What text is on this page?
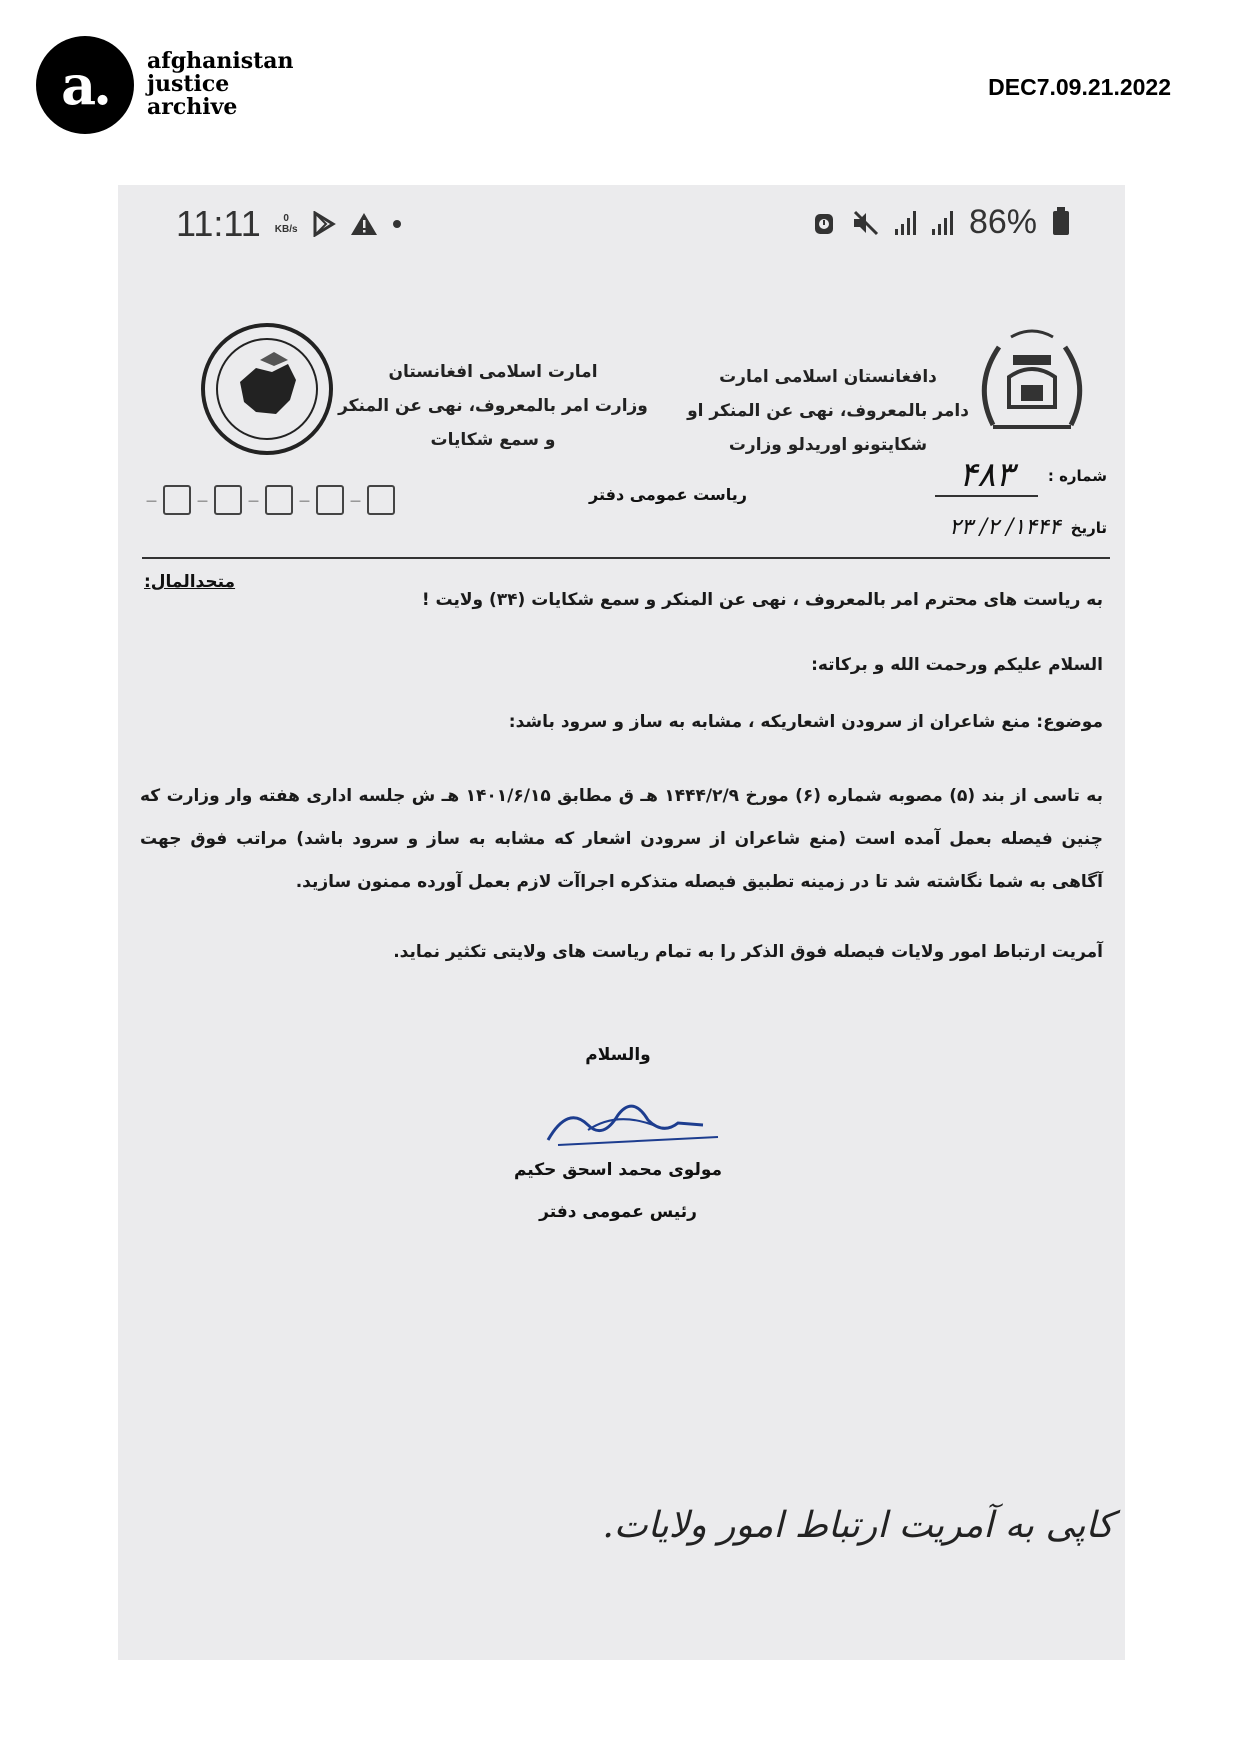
a.	afghanistan
justice
archive
DEC7.09.21.2022
11:11	0
KB/s	86%
امارت اسلامی افغانستان
وزارت امر بالمعروف، نهی عن المنکر
و سمع شکایات
دافغانستان اسلامی امارت
دامر بالمعروف، نهی عن المنکر او
شکایتونو اوریدلو وزارت
ریاست عمومی دفتر
—	—	—	—	—
شماره :
۴۸۳
تاریخ
۱۴۴۴/ ۲/ ۲۳
متحدالمال:
به ریاست های محترم امر بالمعروف ، نهی عن المنکر و سمع شکایات (۳۴) ولایت !
السلام علیکم ورحمت الله و برکاته:
موضوع: منع شاعران از سرودن اشعاریکه ، مشابه به ساز و سرود باشد:
به تاسی از بند (۵) مصوبه شماره (۶) مورخ ۱۴۴۴/۲/۹ هـ ق مطابق ۱۴۰۱/۶/۱۵ هـ ش جلسه اداری هفته وار وزارت که چنین فیصله بعمل آمده است (منع شاعران از سرودن اشعار که مشابه به ساز و سرود باشد) مراتب فوق جهت آگاهی به شما نگاشته شد تا در زمینه تطبیق فیصله متذکره اجراآت لازم بعمل آورده ممنون سازید.
آمریت ارتباط امور ولایات فیصله فوق الذکر را به تمام ریاست های ولایتی تکثیر نماید.
والسلام
مولوی محمد اسحق حکیم
رئیس عمومی دفتر
کاپی به آمریت ارتباط امور ولایات.
